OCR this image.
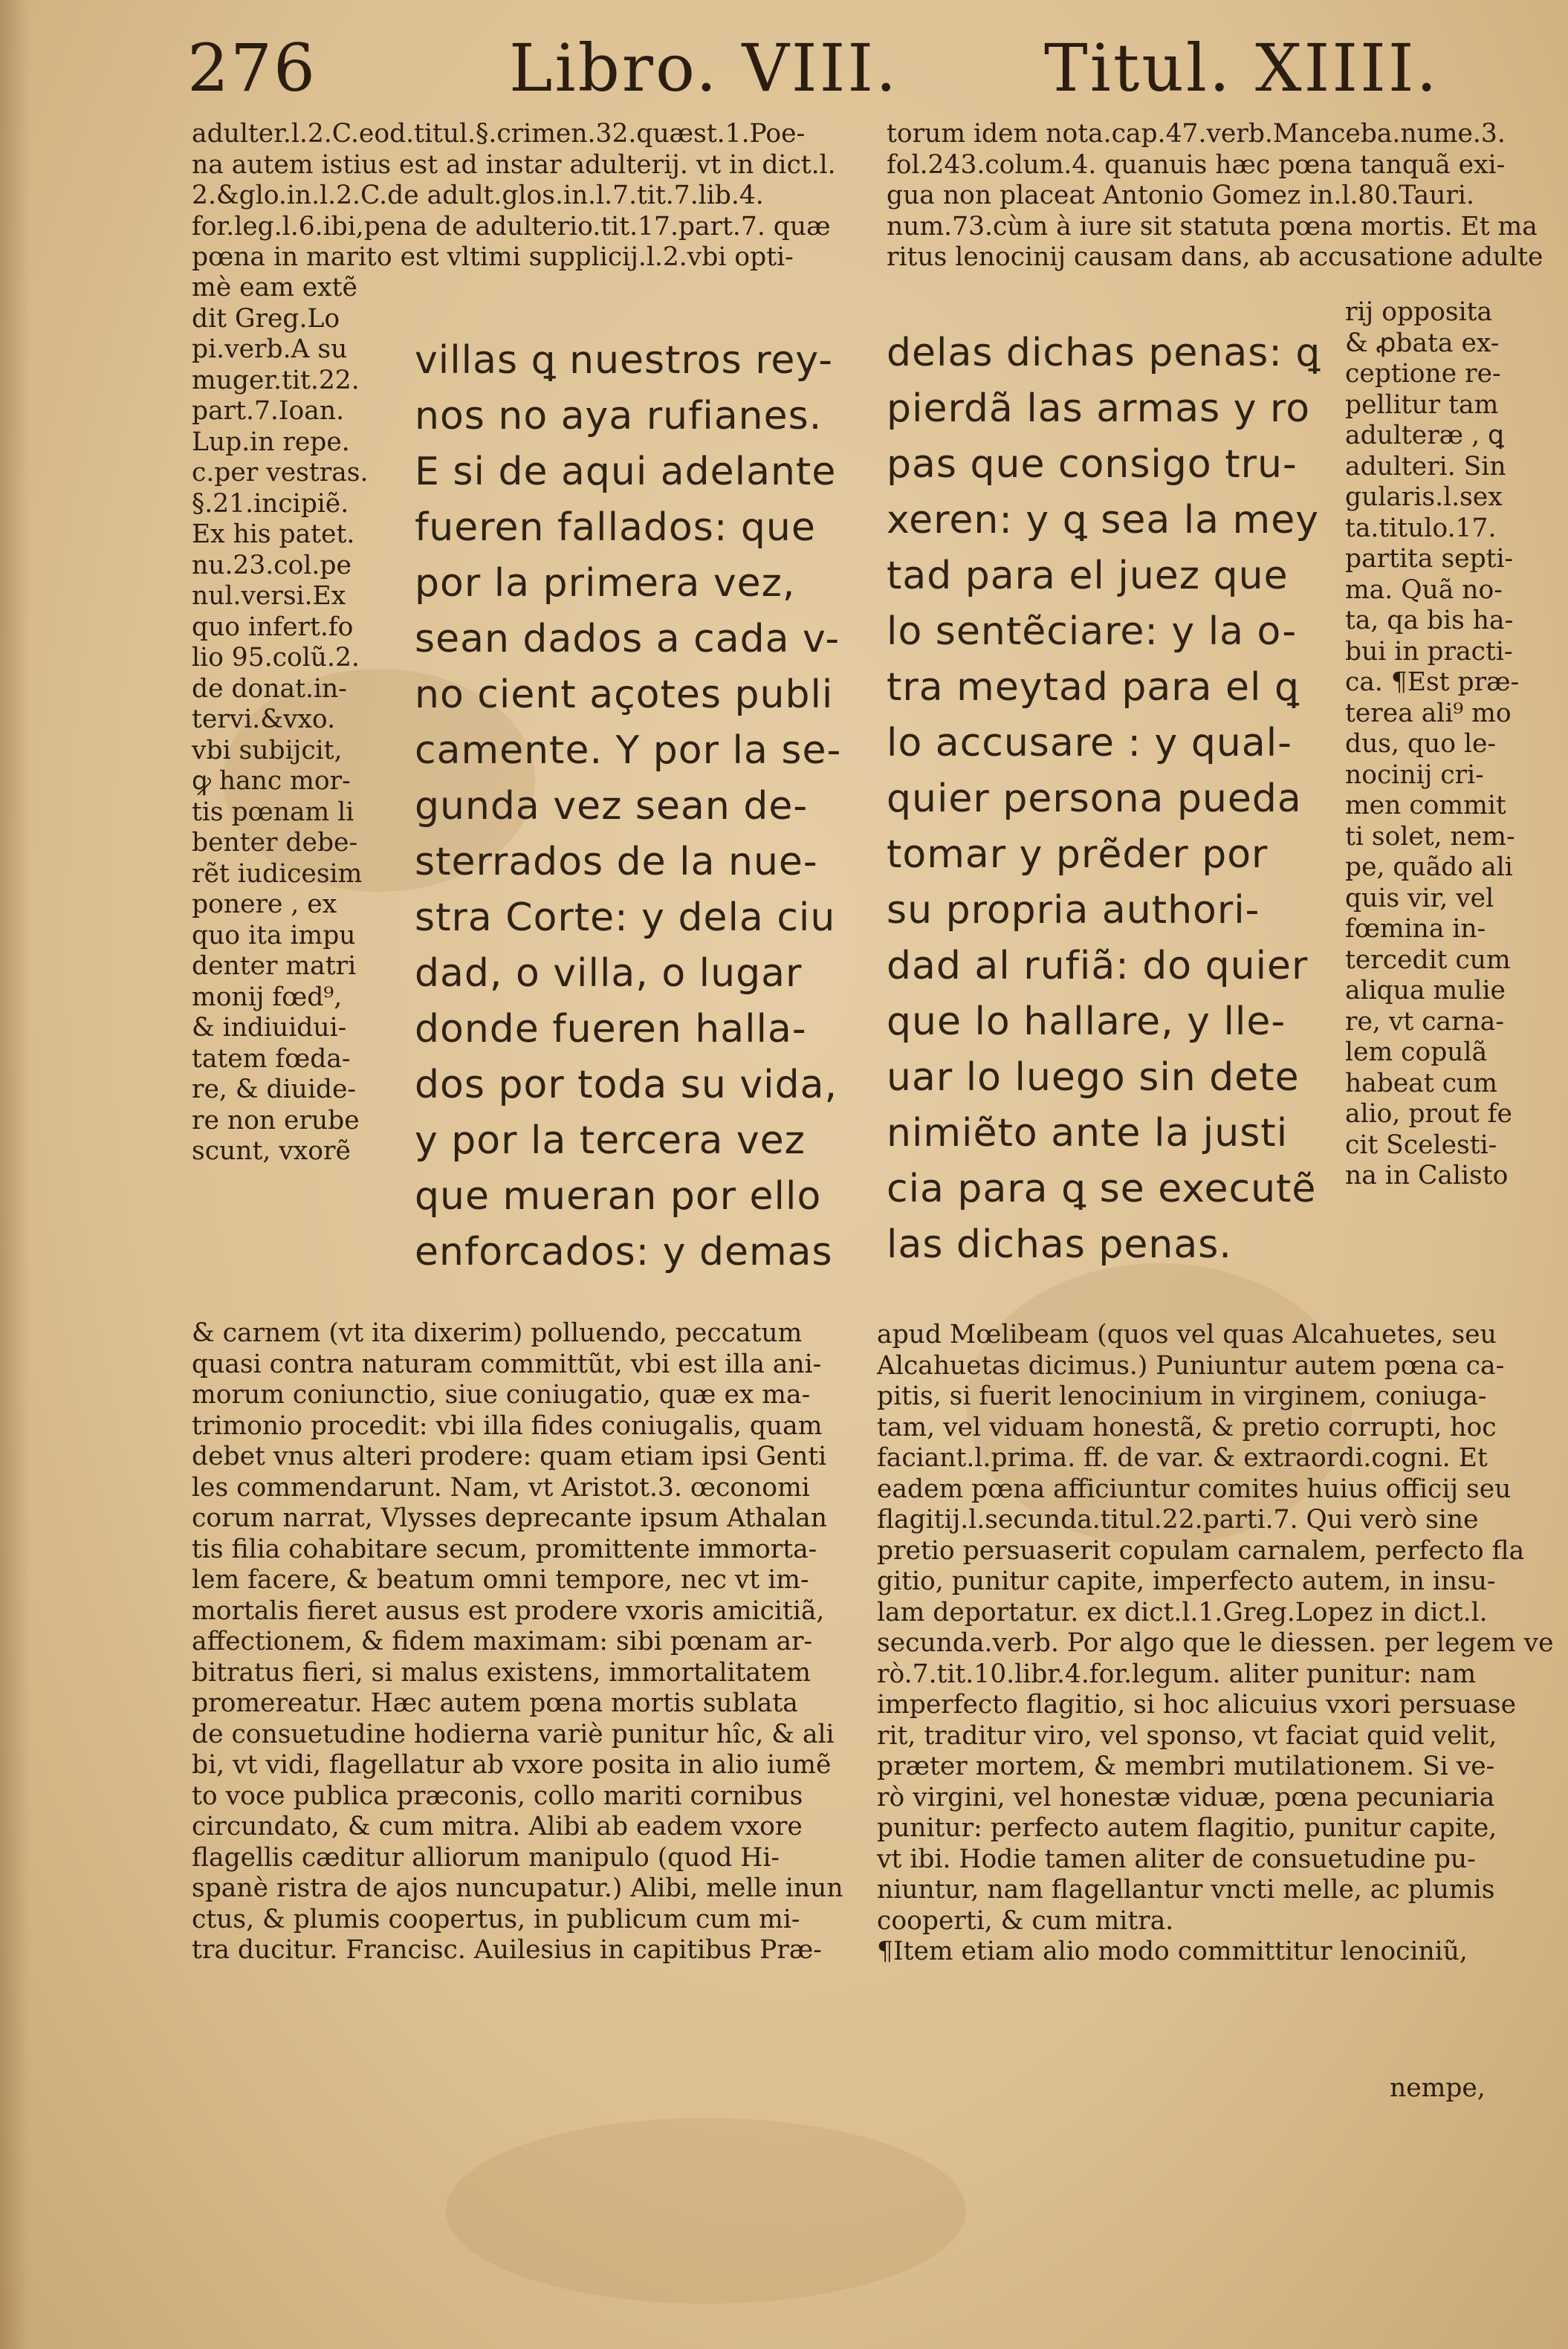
276	Libro. VIII. Titul. XIIII.
adulter.l.2.C.eod.titul.§.crimen.32.quæst.1.Poe-
na autem istius est ad instar adulterij. vt in dict.l.
2.&glo.in.l.2.C.de adult.glos.in.l.7.tit.7.lib.4.
for.leg.l.6.ibi,pena de adulterio.tit.17.part.7. quæ
pœna in marito est vltimi supplicij.l.2.vbi opti-
mè eam extẽ
dit Greg.Lo
pi.verb.A su
muger.tit.22.
part.7.Ioan.
Lup.in repe.
c.per vestras.
§.21.incipiẽ.
Ex his patet.
nu.23.col.pe
nul.versi.Ex
quo infert.fo
lio 95.colũ.2.
de donat.in-
tervi.&vxo.
vbi subijcit,
ꝙ hanc mor-
tis pœnam li
benter debe-
rẽt iudicesim
ponere , ex
quo ita impu
denter matri
monij fœd⁹,
& indiuidui-
tatem fœda-
re, & diuide-
re non erube
scunt, vxorẽ
villas ꝗ nuestros rey-
nos no aya rufianes.
E si de aqui adelante
fueren fallados: que
por la primera vez,
sean dados a cada v-
no cient açotes publi
camente. Y por la se-
gunda vez sean de-
sterrados de la nue-
stra Corte: y dela ciu
dad, o villa, o lugar
donde fueren halla-
dos por toda su vida,
y por la tercera vez
que mueran por ello
enforcados: y demas
& carnem (vt ita dixerim) polluendo, peccatum
quasi contra naturam committũt, vbi est illa ani-
morum coniunctio, siue coniugatio, quæ ex ma-
trimonio procedit: vbi illa fides coniugalis, quam
debet vnus alteri prodere: quam etiam ipsi Genti
les commendarunt. Nam, vt Aristot.3. œconomi
corum narrat, Vlysses deprecante ipsum Athalan
tis filia cohabitare secum, promittente immorta-
lem facere, & beatum omni tempore, nec vt im-
mortalis fieret ausus est prodere vxoris amicitiã,
affectionem, & fidem maximam: sibi pœnam ar-
bitratus fieri, si malus existens, immortalitatem
promereatur. Hæc autem pœna mortis sublata
de consuetudine hodierna variè punitur hîc, & ali
bi, vt vidi, flagellatur ab vxore posita in alio iumẽ
to voce publica præconis, collo mariti cornibus
circundato, & cum mitra. Alibi ab eadem vxore
flagellis cæditur alliorum manipulo (quod Hi-
spanè ristra de ajos nuncupatur.) Alibi, melle inun
ctus, & plumis coopertus, in publicum cum mi-
tra ducitur. Francisc. Auilesius in capitibus Præ-
torum idem nota.cap.47.verb.Manceba.nume.3.
fol.243.colum.4. quanuis hæc pœna tanquã exi-
gua non placeat Antonio Gomez in.l.80.Tauri.
num.73.cùm à iure sit statuta pœna mortis. Et ma
ritus lenocinij causam dans, ab accusatione adulte
delas dichas penas: ꝗ
pierdã las armas y ro
pas que consigo tru-
xeren: y ꝗ sea la mey
tad para el juez que
lo sentẽciare: y la o-
tra meytad para el ꝗ
lo accusare : y qual-
quier persona pueda
tomar y prẽder por
su propria authori-
dad al rufiã: do quier
que lo hallare, y lle-
uar lo luego sin dete
nimiẽto ante la justi
cia para ꝗ se executẽ
las dichas penas.
rij opposita
& ꝓbata ex-
ceptione re-
pellitur tam
adulteræ , ꝗ
adulteri. Sin
gularis.l.sex
ta.titulo.17.
partita septi-
ma. Quã no-
ta, qa bis ha-
bui in practi-
ca. ¶Est præ-
terea ali⁹ mo
dus, quo le-
nocinij cri-
men commit
ti solet, nem-
pe, quãdo ali
quis vir, vel
fœmina in-
tercedit cum
aliqua mulie
re, vt carna-
lem copulã
habeat cum
alio, prout fe
cit Scelesti-
na in Calisto
apud Mœlibeam (quos vel quas Alcahuetes, seu
Alcahuetas dicimus.) Puniuntur autem pœna ca-
pitis, si fuerit lenocinium in virginem, coniuga-
tam, vel viduam honestã, & pretio corrupti, hoc
faciant.l.prima. ff. de var. & extraordi.cogni. Et
eadem pœna afficiuntur comites huius officij seu
flagitij.l.secunda.titul.22.parti.7. Qui verò sine
pretio persuaserit copulam carnalem, perfecto fla
gitio, punitur capite, imperfecto autem, in insu-
lam deportatur. ex dict.l.1.Greg.Lopez in dict.l.
secunda.verb. Por algo que le diessen. per legem ve
rò.7.tit.10.libr.4.for.legum. aliter punitur: nam
imperfecto flagitio, si hoc alicuius vxori persuase
rit, traditur viro, vel sponso, vt faciat quid velit,
præter mortem, & membri mutilationem. Si ve-
rò virgini, vel honestæ viduæ, pœna pecuniaria
punitur: perfecto autem flagitio, punitur capite,
vt ibi. Hodie tamen aliter de consuetudine pu-
niuntur, nam flagellantur vncti melle, ac plumis
cooperti, & cum mitra.
¶Item etiam alio modo committitur lenociniũ,
nempe,
